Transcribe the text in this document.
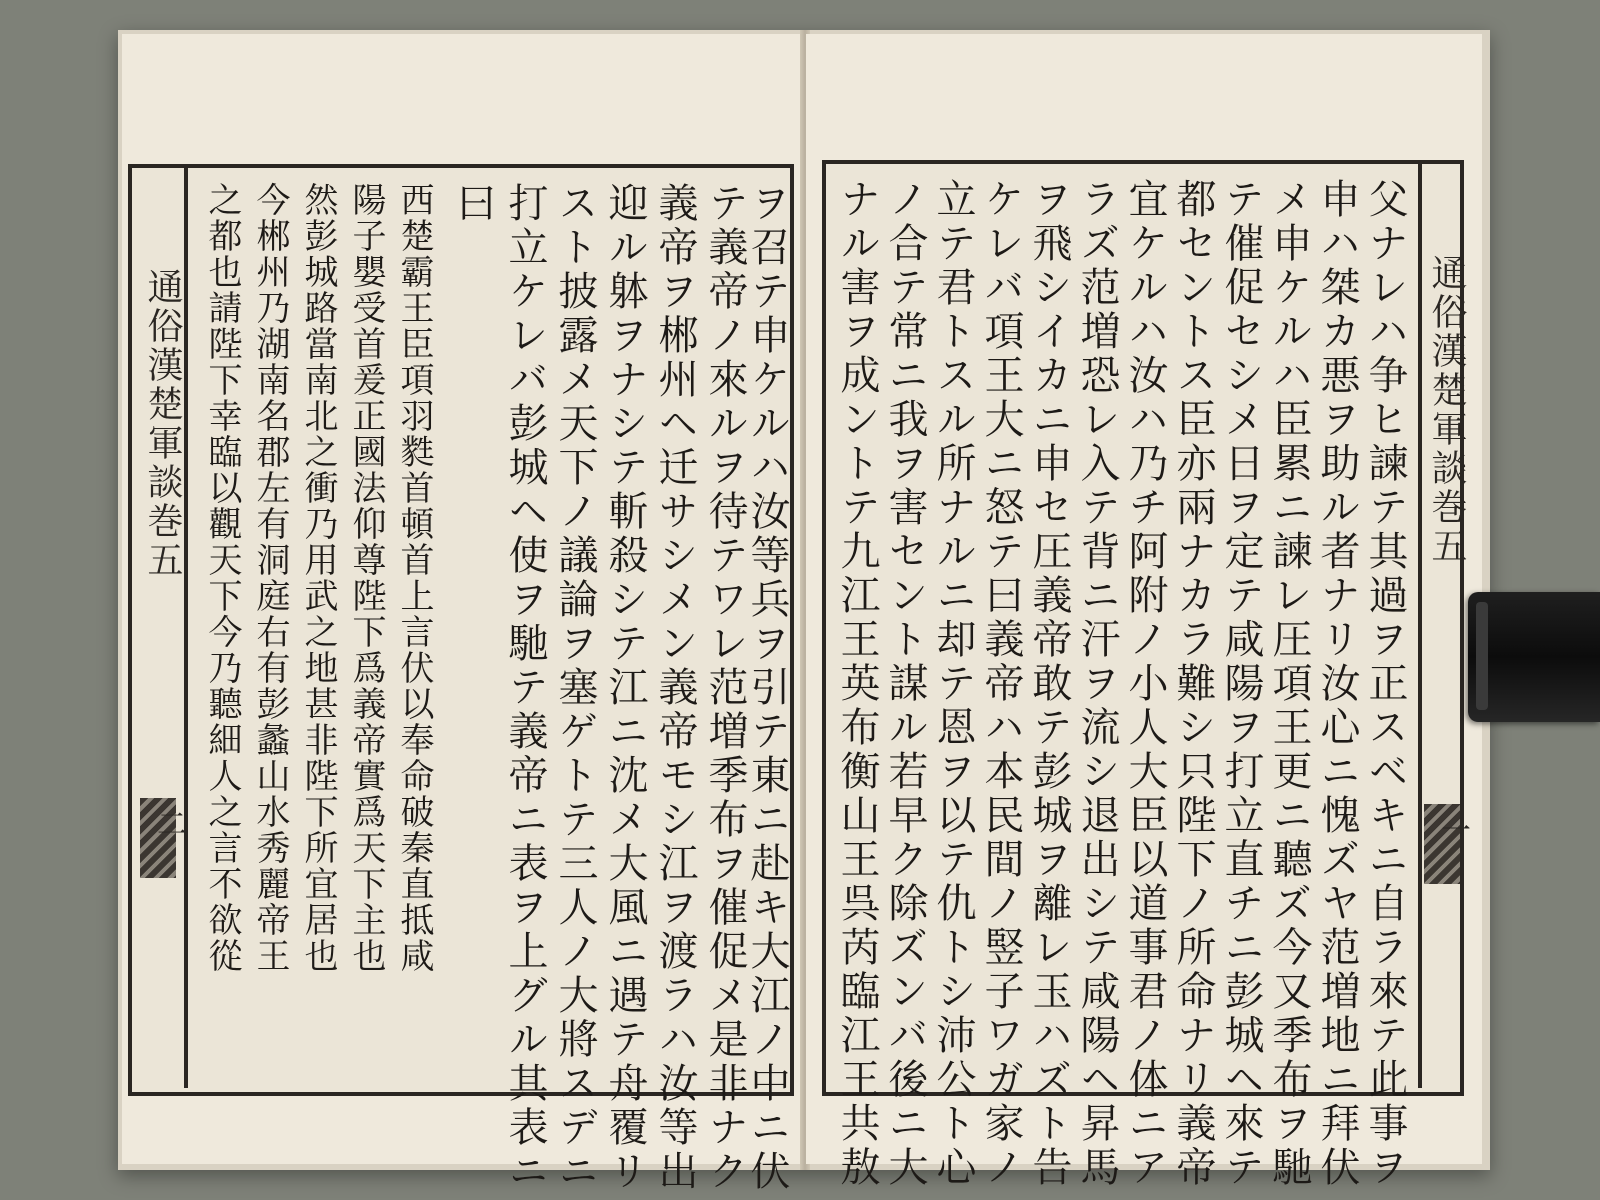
通俗漢楚軍談巻五
二 之都也請陛下幸臨以觀天下今乃聽細人之言不欲從 今郴州乃湖南名郡左有洞庭右有彭蠡山水秀麗帝王 然彭城路當南北之衝乃用武之地甚非陛下所宜居也 陽子嬰受首爰正國法仰尊陛下爲義帝實爲天下主也 西楚霸王臣項羽㽔首頓首上言伏以奉命破秦直抵咸 曰 打立ケレバ彭城ヘ使ヲ馳テ義帝ニ表ヲ上グル其表ニ スト披露メ天下ノ議論ヲ塞ゲトテ三人ノ大將スデニ 迎ル躰ヲナシテ斬殺シテ江ニ沈メ大風ニ遇テ舟覆リ 義帝ヲ郴州ヘ迁サシメン義帝モシ江ヲ渡ラハ汝等出 テ義帝ノ來ルヲ待テワレ范増季布ヲ催促メ是非ナク
ヲ召テ申ケルハ汝等兵ヲ引テ東ニ赴キ大江ノ中ニ伏 ナル害ヲ成ントテ九江王英布衡山王呉芮臨江王共敖 ノ合テ常ニ我ヲ害セント謀ル若早ク除ズンバ後ニ大 立テ君トスル所ナルニ却テ恩ヲ以テ仇トシ沛公ト心 ケレバ項王大ニ怒テ曰義帝ハ本民間ノ竪子ワガ家ノ ヲ飛シイカニ申セ圧義帝敢テ彭城ヲ離レ玉ハズト告 ラズ范増恐レ入テ背ニ汗ヲ流シ退出シテ咸陽ヘ昇馬 宜ケルハ汝ハ乃チ阿附ノ小人大臣以道事君ノ体ニア 都セントス臣亦兩ナカラ難シ只陛下ノ所命ナリ義帝 テ催促セシメ日ヲ定テ咸陽ヲ打立直チニ彭城ヘ來テ メ申ケルハ臣累ニ諫レ圧項王更ニ聽ズ今又季布ヲ馳 申ハ桀カ悪ヲ助ル者ナリ汝心ニ愧ズヤ范増地ニ拜伏 父ナレハ争ヒ諫テ其過ヲ正スベキニ自ラ來テ此事ヲ 通俗漢楚軍談巻五
一
